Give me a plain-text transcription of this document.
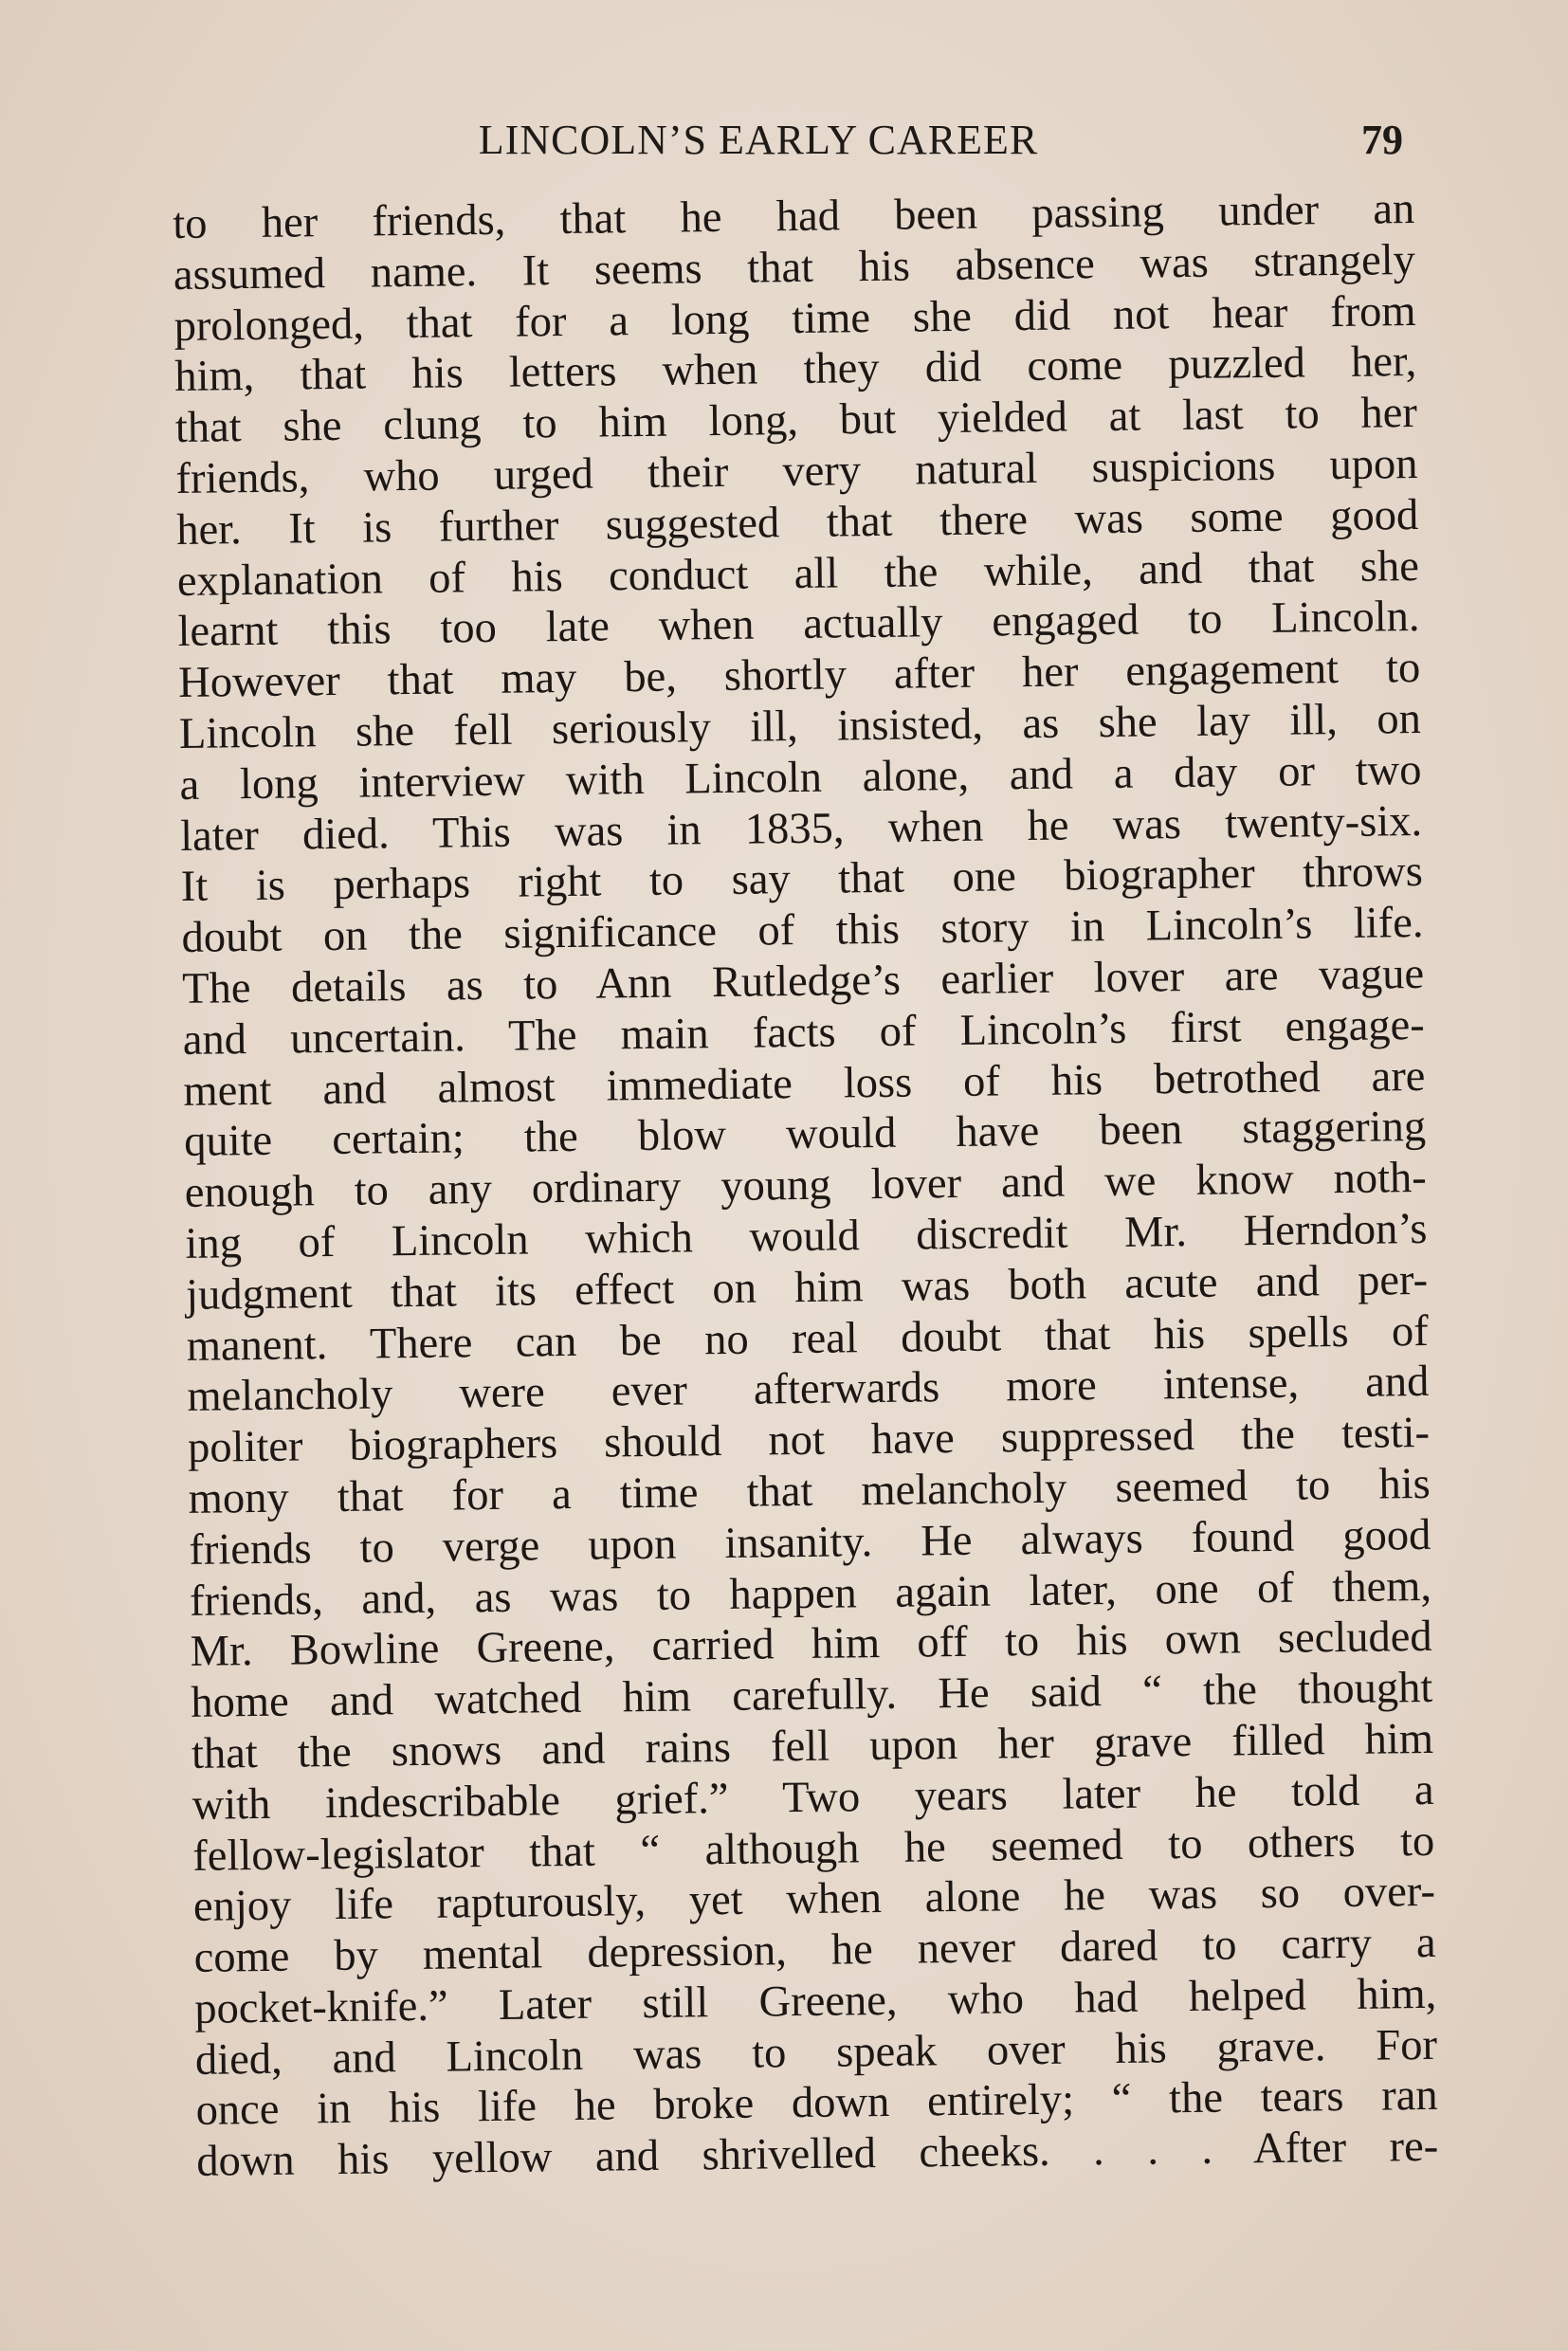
LINCOLN’S EARLY CAREER	79
to her friends, that he had been passing under an
assumed name. It seems that his absence was strangely
prolonged, that for a long time she did not hear from
him, that his letters when they did come puzzled her,
that she clung to him long, but yielded at last to her
friends, who urged their very natural suspicions upon
her. It is further suggested that there was some good
explanation of his conduct all the while, and that she
learnt this too late when actually engaged to Lincoln.
However that may be, shortly after her engagement to
Lincoln she fell seriously ill, insisted, as she lay ill, on
a long interview with Lincoln alone, and a day or two
later died. This was in 1835, when he was twenty-six.
It is perhaps right to say that one biographer throws
doubt on the significance of this story in Lincoln’s life.
The details as to Ann Rutledge’s earlier lover are vague
and uncertain. The main facts of Lincoln’s first engage-
ment and almost immediate loss of his betrothed are
quite certain; the blow would have been staggering
enough to any ordinary young lover and we know noth-
ing of Lincoln which would discredit Mr. Herndon’s
judgment that its effect on him was both acute and per-
manent. There can be no real doubt that his spells of
melancholy were ever afterwards more intense, and
politer biographers should not have suppressed the testi-
mony that for a time that melancholy seemed to his
friends to verge upon insanity. He always found good
friends, and, as was to happen again later, one of them,
Mr. Bowline Greene, carried him off to his own secluded
home and watched him carefully. He said “ the thought
that the snows and rains fell upon her grave filled him
with indescribable grief.” Two years later he told a
fellow-legislator that “ although he seemed to others to
enjoy life rapturously, yet when alone he was so over-
come by mental depression, he never dared to carry a
pocket-knife.” Later still Greene, who had helped him,
died, and Lincoln was to speak over his grave. For
once in his life he broke down entirely; “ the tears ran
down his yellow and shrivelled cheeks. . . . After re-
